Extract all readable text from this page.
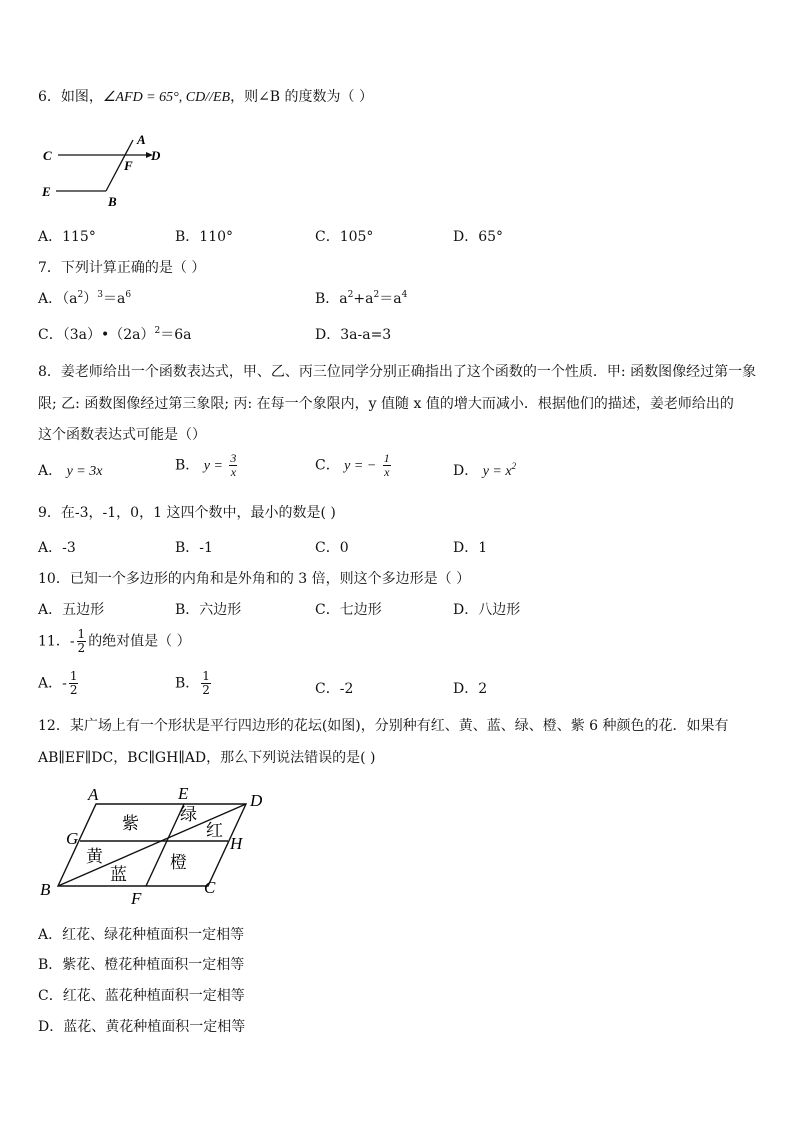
6．如图，∠AFD = 65°, CD//EB，则∠B 的度数为（ ）
A
C	D
F
E
B
A．115°	B．110°	C．105°	D．65°
7．下列计算正确的是（ ）
A．$(a^2)^3=a^6$	B．$a^2+a^2=a^4$
C．$(3a)•(2a)^2=6a$	D．3a-a=3
8．姜老师给出一个函数表达式，甲、乙、丙三位同学分别正确指出了这个函数的一个性质．甲: 函数图像经过第一象
限; 乙: 函数图像经过第三象限; 丙: 在每一个象限内，y 值随 x 值的增大而减小．根据他们的描述，姜老师给出的
这个函数表达式可能是（）
A． y = 3x	B． $y = \frac{3}{x}$	C． y = − $\frac{1}{x}$	D． $y = x^2$
9．在-3，-1，0，1 这四个数中，最小的数是( )
A．-3	B．-1	C．0	D．1
10．已知一个多边形的内角和是外角和的 3 倍，则这个多边形是（ ）
A．五边形	B．六边形	C．七边形	D．八边形
11．- $\frac{1}{2}$ 的绝对值是（ ）
A．- $\frac{1}{2}$	B． $\frac{1}{2}$	C．-2	D．2
12．某广场上有一个形状是平行四边形的花坛(如图)，分别种有红、黄、蓝、绿、橙、紫 6 种颜色的花．如果有
AB∥EF∥DC，BC∥GH∥AD，那么下列说法错误的是( )
A	E	D
G	H
B	F
C
紫 绿
红
黄	橙
蓝
A．红花、绿花种植面积一定相等
B．紫花、橙花种植面积一定相等
C．红花、蓝花种植面积一定相等
D．蓝花、黄花种植面积一定相等
